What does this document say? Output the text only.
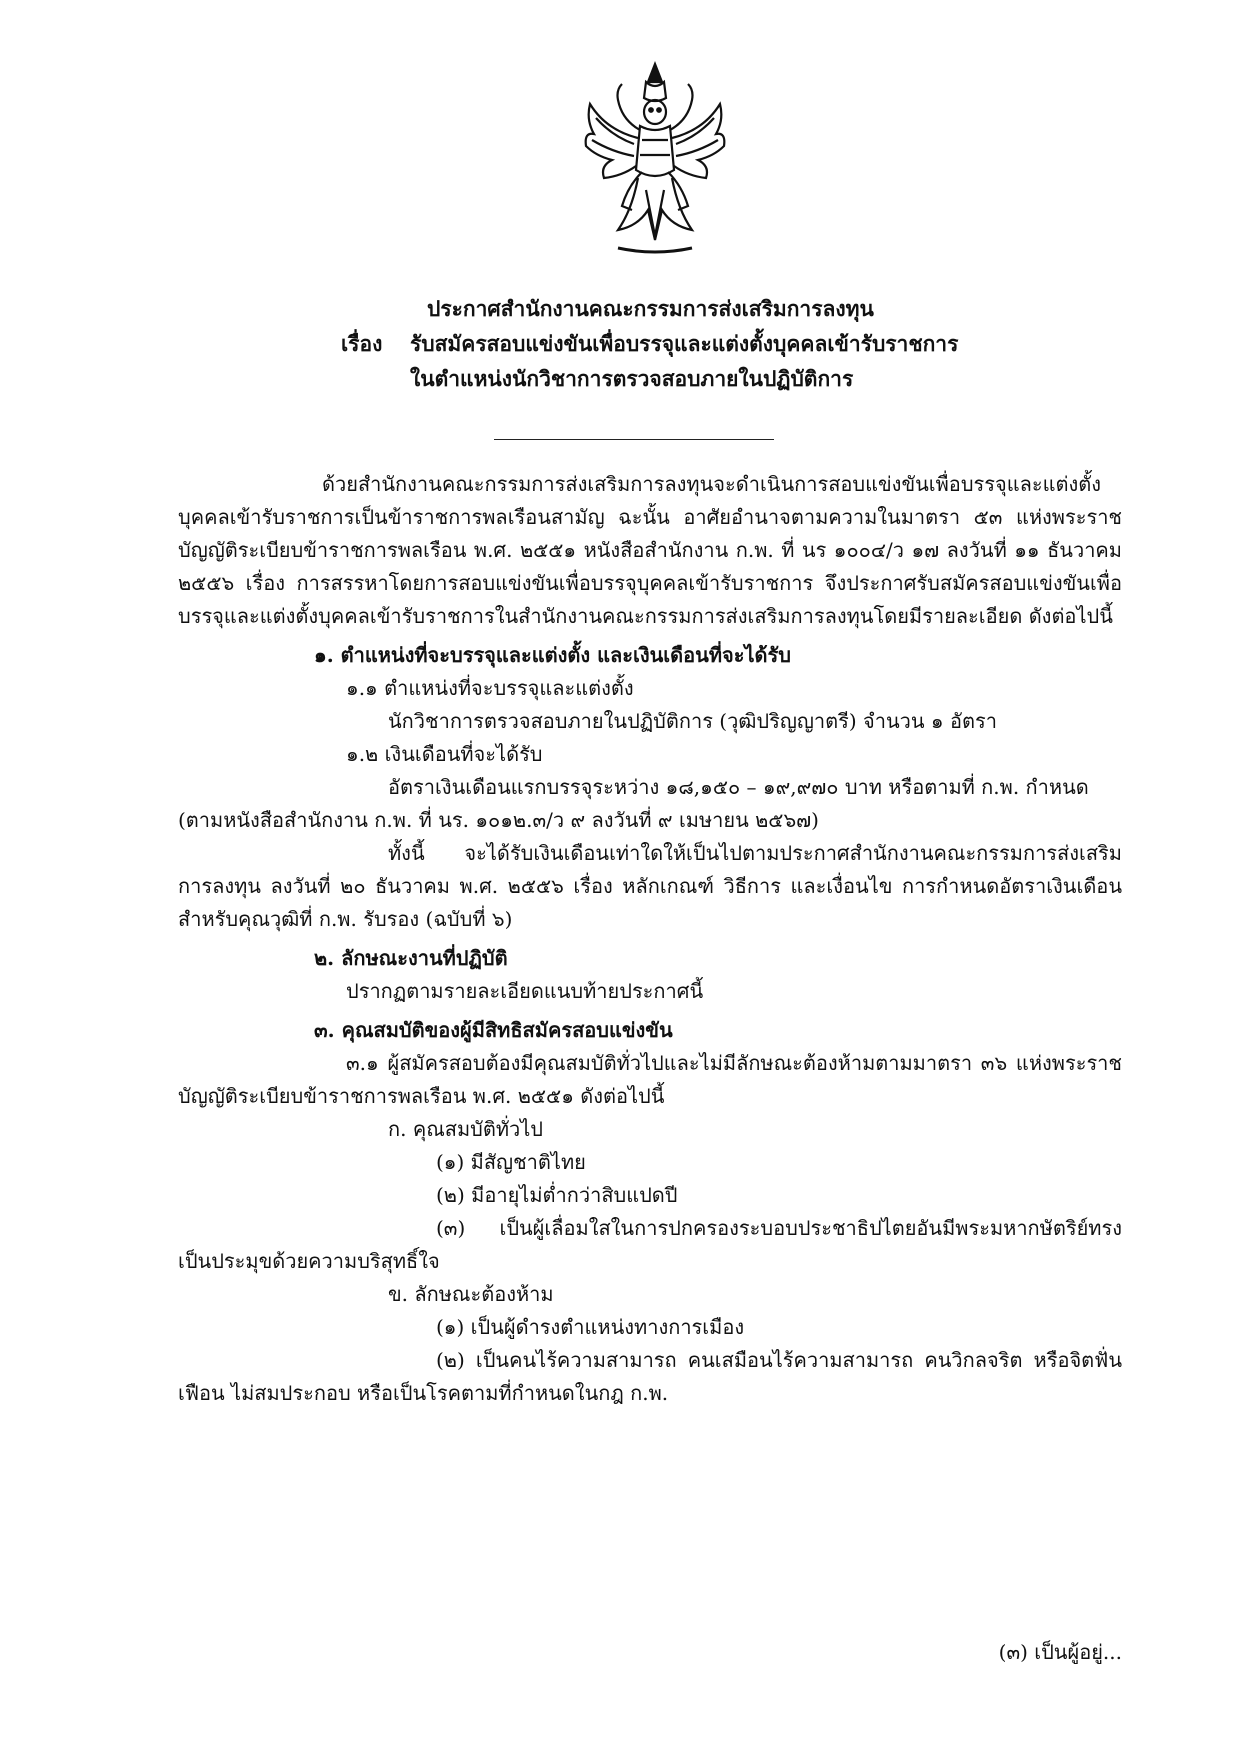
ประกาศสำนักงานคณะกรรมการส่งเสริมการลงทุน
เรื่อง รับสมัครสอบแข่งขันเพื่อบรรจุและแต่งตั้งบุคคลเข้ารับราชการ
ในตำแหน่งนักวิชาการตรวจสอบภายในปฏิบัติการ

ด้วยสำนักงานคณะกรรมการส่งเสริมการลงทุนจะดำเนินการสอบแข่งขันเพื่อบรรจุและแต่งตั้งบุคคลเข้ารับราชการเป็นข้าราชการพลเรือนสามัญ ฉะนั้น อาศัยอำนาจตามความในมาตรา ๕๓ แห่งพระราชบัญญัติระเบียบข้าราชการพลเรือน พ.ศ. ๒๕๕๑ หนังสือสำนักงาน ก.พ. ที่ นร ๑๐๐๔/ว ๑๗ ลงวันที่ ๑๑ ธันวาคม ๒๕๕๖ เรื่อง การสรรหาโดยการสอบแข่งขันเพื่อบรรจุบุคคลเข้ารับราชการ จึงประกาศรับสมัครสอบแข่งขันเพื่อบรรจุและแต่งตั้งบุคคลเข้ารับราชการในสำนักงานคณะกรรมการส่งเสริมการลงทุนโดยมีรายละเอียด ดังต่อไปนี้

๑. ตำแหน่งที่จะบรรจุและแต่งตั้ง และเงินเดือนที่จะได้รับ

๑.๑ ตำแหน่งที่จะบรรจุและแต่งตั้ง

นักวิชาการตรวจสอบภายในปฏิบัติการ (วุฒิปริญญาตรี) จำนวน ๑ อัตรา

๑.๒ เงินเดือนที่จะได้รับ

อัตราเงินเดือนแรกบรรจุระหว่าง ๑๘,๑๕๐ – ๑๙,๙๗๐ บาท หรือตามที่ ก.พ. กำหนด

(ตามหนังสือสำนักงาน ก.พ. ที่ นร. ๑๐๑๒.๓/ว ๙ ลงวันที่ ๙ เมษายน ๒๕๖๗)

ทั้งนี้ จะได้รับเงินเดือนเท่าใดให้เป็นไปตามประกาศสำนักงานคณะกรรมการส่งเสริมการลงทุน ลงวันที่ ๒๐ ธันวาคม พ.ศ. ๒๕๕๖ เรื่อง หลักเกณฑ์ วิธีการ และเงื่อนไข การกำหนดอัตราเงินเดือนสำหรับคุณวุฒิที่ ก.พ. รับรอง (ฉบับที่ ๖)

๒. ลักษณะงานที่ปฏิบัติ

ปรากฏตามรายละเอียดแนบท้ายประกาศนี้

๓. คุณสมบัติของผู้มีสิทธิสมัครสอบแข่งขัน

๓.๑ ผู้สมัครสอบต้องมีคุณสมบัติทั่วไปและไม่มีลักษณะต้องห้ามตามมาตรา ๓๖ แห่งพระราชบัญญัติระเบียบข้าราชการพลเรือน พ.ศ. ๒๕๕๑ ดังต่อไปนี้

ก. คุณสมบัติทั่วไป

(๑) มีสัญชาติไทย

(๒) มีอายุไม่ต่ำกว่าสิบแปดปี

(๓) เป็นผู้เลื่อมใสในการปกครองระบอบประชาธิปไตยอันมีพระมหากษัตริย์ทรงเป็นประมุขด้วยความบริสุทธิ์ใจ

ข. ลักษณะต้องห้าม

(๑) เป็นผู้ดำรงตำแหน่งทางการเมือง

(๒) เป็นคนไร้ความสามารถ คนเสมือนไร้ความสามารถ คนวิกลจริต หรือจิตฟั่นเฟือน ไม่สมประกอบ หรือเป็นโรคตามที่กำหนดในกฎ ก.พ.

(๓) เป็นผู้อยู่...
